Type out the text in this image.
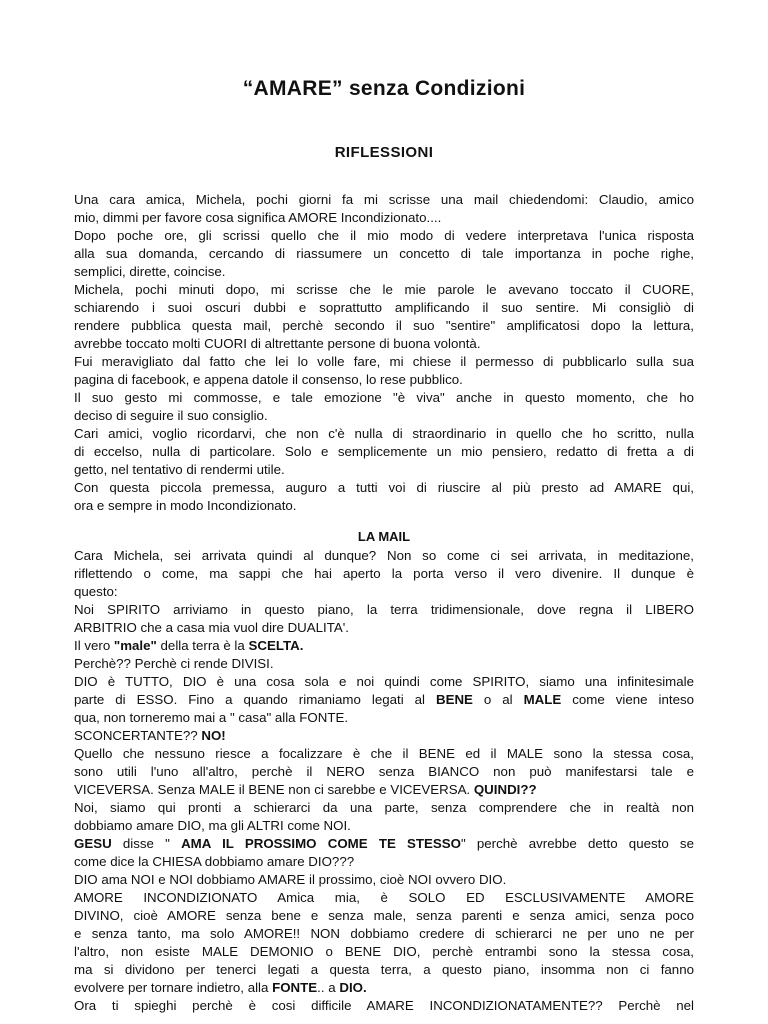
“AMARE” senza Condizioni
RIFLESSIONI
Una cara amica, Michela, pochi giorni fa mi scrisse una mail chiedendomi: Claudio, amico
mio, dimmi per favore cosa significa AMORE Incondizionato....
Dopo poche ore, gli scrissi quello che il mio modo di vedere interpretava l'unica risposta
alla sua domanda, cercando di riassumere un concetto di tale importanza in poche righe,
semplici, dirette, coincise.
Michela, pochi minuti dopo, mi scrisse che le mie parole le avevano toccato il CUORE,
schiarendo i suoi oscuri dubbi e soprattutto amplificando il suo sentire. Mi consigliò di
rendere pubblica questa mail, perchè secondo il suo "sentire" amplificatosi dopo la lettura,
avrebbe toccato molti CUORI di altrettante persone di buona volontà.
Fui meravigliato dal fatto che lei lo volle fare, mi chiese il permesso di pubblicarlo sulla sua
pagina di facebook, e appena datole il consenso, lo rese pubblico.
Il suo gesto mi commosse, e tale emozione "è viva" anche in questo momento, che ho
deciso di seguire il suo consiglio.
Cari amici, voglio ricordarvi, che non c'è nulla di straordinario in quello che ho scritto, nulla
di eccelso, nulla di particolare. Solo e semplicemente un mio pensiero, redatto di fretta a di
getto, nel tentativo di rendermi utile.
Con questa piccola premessa, auguro a tutti voi di riuscire al più presto ad AMARE qui,
ora e sempre in modo Incondizionato.
LA MAIL
Cara Michela, sei arrivata quindi al dunque? Non so come ci sei arrivata, in meditazione,
riflettendo o come, ma sappi che hai aperto la porta verso il vero divenire. Il dunque è
questo:
Noi SPIRITO arriviamo in questo piano, la terra tridimensionale, dove regna il LIBERO
ARBITRIO che a casa mia vuol dire DUALITA'.
Il vero "male" della terra è la SCELTA.
Perchè?? Perchè ci rende DIVISI.
DIO è TUTTO, DIO è una cosa sola e noi quindi come SPIRITO, siamo una infinitesimale
parte di ESSO. Fino a quando rimaniamo legati al BENE o al MALE come viene inteso
qua, non torneremo mai a " casa" alla FONTE.
SCONCERTANTE?? NO!
Quello che nessuno riesce a focalizzare è che il BENE ed il MALE sono la stessa cosa,
sono utili l'uno all'altro, perchè il NERO senza BIANCO non può manifestarsi tale e
VICEVERSA. Senza MALE il BENE non ci sarebbe e VICEVERSA. QUINDI??
Noi, siamo qui pronti a schierarci da una parte, senza comprendere che in realtà non
dobbiamo amare DIO, ma gli ALTRI come NOI.
GESU disse " AMA IL PROSSIMO COME TE STESSO" perchè avrebbe detto questo se
come dice la CHIESA dobbiamo amare DIO???
DIO ama NOI e NOI dobbiamo AMARE il prossimo, cioè NOI ovvero DIO.
AMORE INCONDIZIONATO Amica mia, è SOLO ED ESCLUSIVAMENTE AMORE
DIVINO, cioè AMORE senza bene e senza male, senza parenti e senza amici, senza poco
e senza tanto, ma solo AMORE!! NON dobbiamo credere di schierarci ne per uno ne per
l'altro, non esiste MALE DEMONIO o BENE DIO, perchè entrambi sono la stessa cosa,
ma si dividono per tenerci legati a questa terra, a questo piano, insomma non ci fanno
evolvere per tornare indietro, alla FONTE.. a DIO.
Ora ti spieghi perchè è cosi difficile AMARE INCONDIZIONATAMENTE?? Perchè nel
